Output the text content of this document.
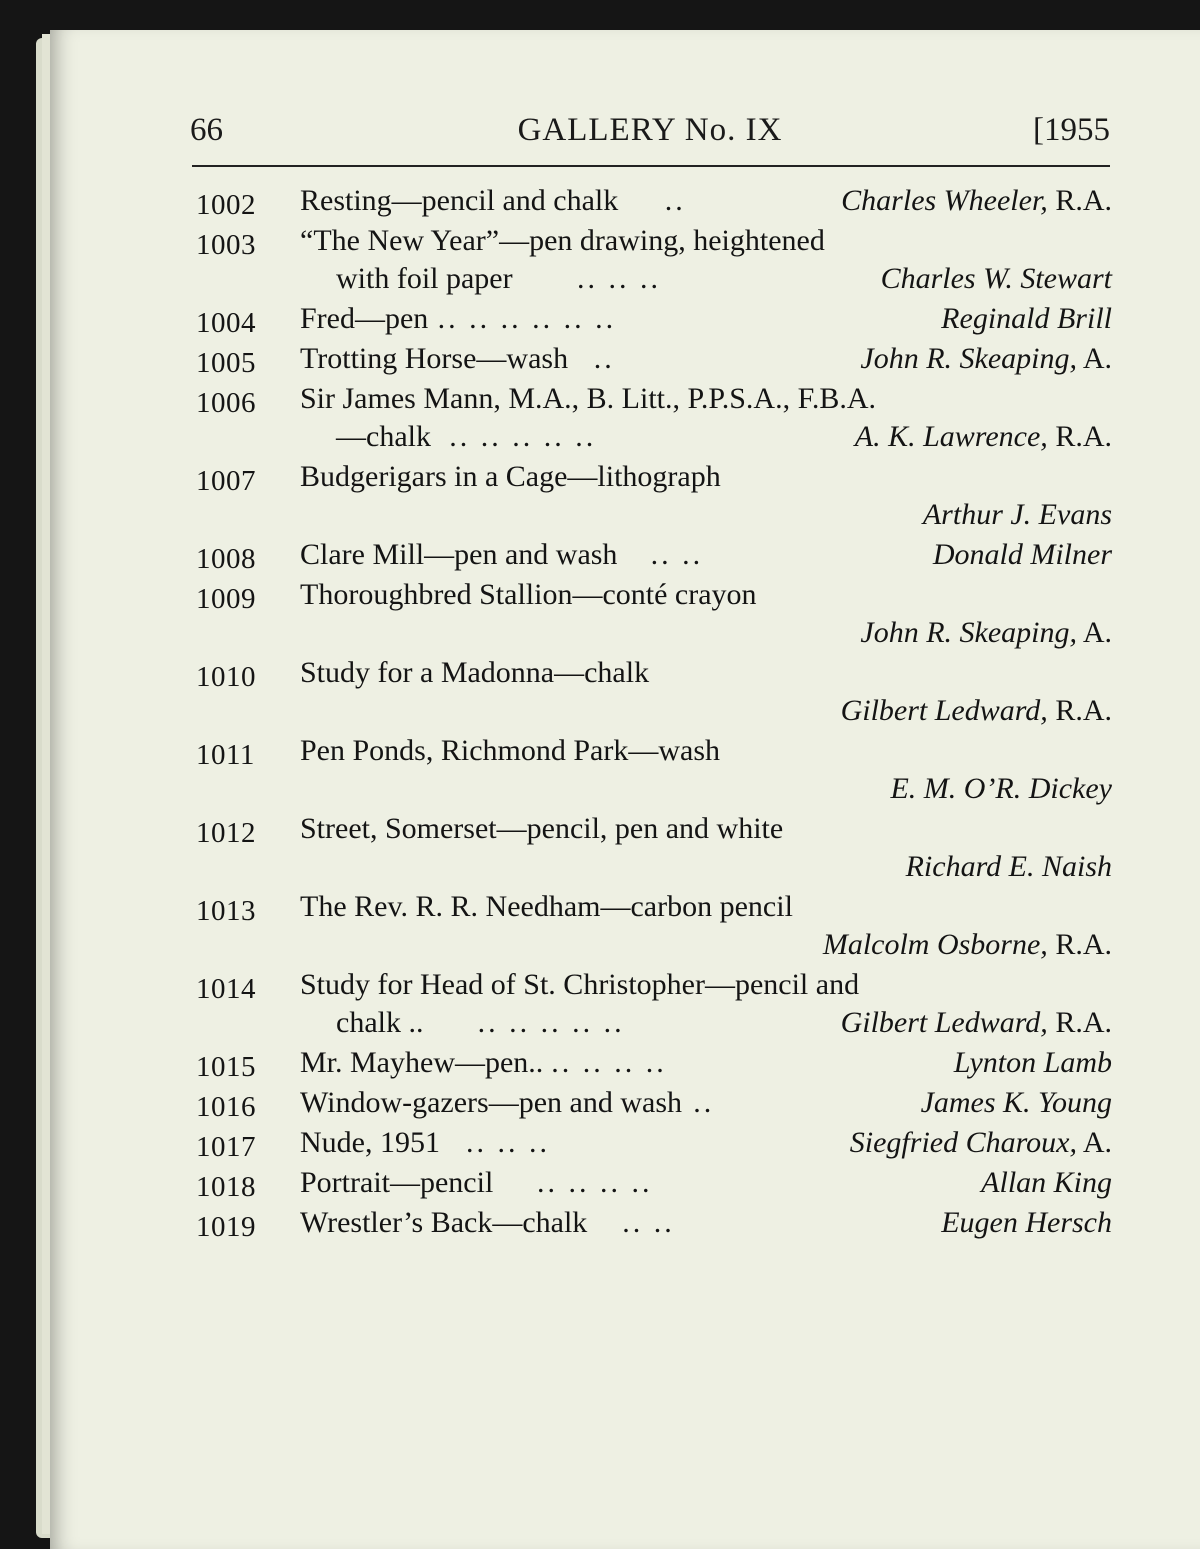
66	GALLERY No. IX	[1955
1002	Resting—pencil and chalk ..	Charles Wheeler, R.A.
1003	“The New Year”—pen drawing, heightened
with foil paper .. .. ..	Charles W. Stewart
1004	Fred—pen .. .. .. .. .. ..	Reginald Brill
1005	Trotting Horse—wash ..	John R. Skeaping, A.
1006	Sir James Mann, M.A., B. Litt., P.P.S.A., F.B.A.
—chalk .. .. .. .. ..	A. K. Lawrence, R.A.
1007	Budgerigars in a Cage—lithograph
Arthur J. Evans
1008	Clare Mill—pen and wash .. ..	Donald Milner
1009	Thoroughbred Stallion—conté crayon
John R. Skeaping, A.
1010	Study for a Madonna—chalk
Gilbert Ledward, R.A.
1011	Pen Ponds, Richmond Park—wash
E. M. O’R. Dickey
1012	Street, Somerset—pencil, pen and white
Richard E. Naish
1013	The Rev. R. R. Needham—carbon pencil
Malcolm Osborne, R.A.
1014	Study for Head of St. Christopher—pencil and
chalk .. .. .. .. .. ..	Gilbert Ledward, R.A.
1015	Mr. Mayhew—pen.. .. .. .. ..	Lynton Lamb
1016	Window-gazers—pen and wash ..	James K. Young
1017	Nude, 1951 .. .. ..	Siegfried Charoux, A.
1018	Portrait—pencil .. .. .. ..	Allan King
1019	Wrestler’s Back—chalk .. ..	Eugen Hersch
